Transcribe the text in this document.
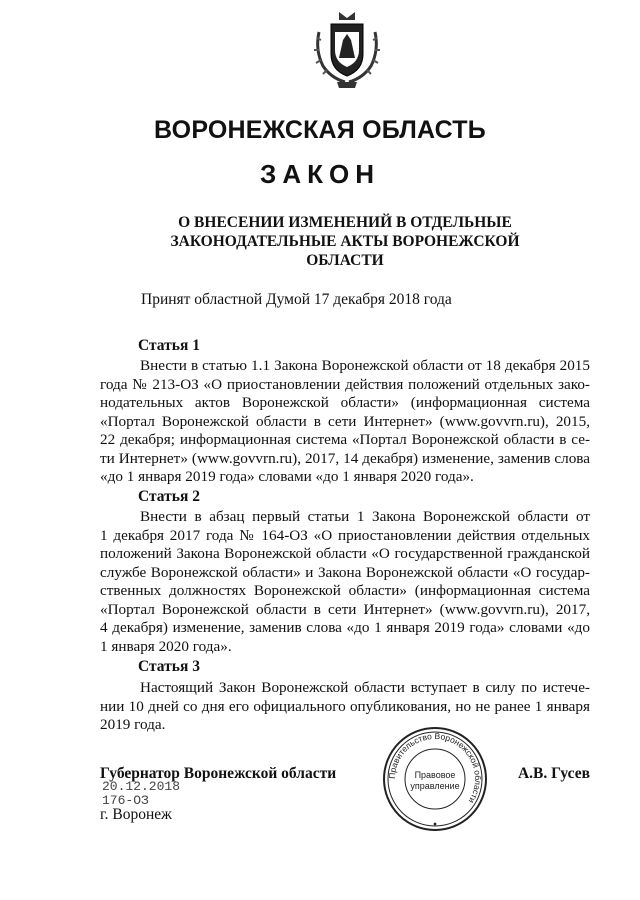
ВОРОНЕЖСКАЯ ОБЛАСТЬ
ЗАКОН
О ВНЕСЕНИИ ИЗМЕНЕНИЙ В ОТДЕЛЬНЫЕ
ЗАКОНОДАТЕЛЬНЫЕ АКТЫ ВОРОНЕЖСКОЙ
ОБЛАСТИ
Принят областной Думой 17 декабря 2018 года
Статья 1
Внести в статью 1.1 Закона Воронежской области от 18 декабря 2015
года № 213-ОЗ «О приостановлении действия положений отдельных зако-
нодательных актов Воронежской области» (информационная система
«Портал Воронежской области в сети Интернет» (www.govvrn.ru), 2015,
22 декабря; информационная система «Портал Воронежской области в се-
ти Интернет» (www.govvrn.ru), 2017, 14 декабря) изменение, заменив слова
«до 1 января 2019 года» словами «до 1 января 2020 года».
Статья 2
Внести в абзац первый статьи 1 Закона Воронежской области от
1 декабря 2017 года № 164-ОЗ «О приостановлении действия отдельных
положений Закона Воронежской области «О государственной гражданской
службе Воронежской области» и Закона Воронежской области «О государ-
ственных должностях Воронежской области» (информационная система
«Портал Воронежской области в сети Интернет» (www.govvrn.ru), 2017,
4 декабря) изменение, заменив слова «до 1 января 2019 года» словами «до
1 января 2020 года».
Статья 3
Настоящий Закон Воронежской области вступает в силу по истече-
нии 10 дней со дня его официального опубликования, но не ранее 1 января
2019 года.
Правительство Воронежской области
Правовое
управление
Губернатор Воронежской области	А.В. Гусев
20.12.2018
176-ОЗ
г. Воронеж
